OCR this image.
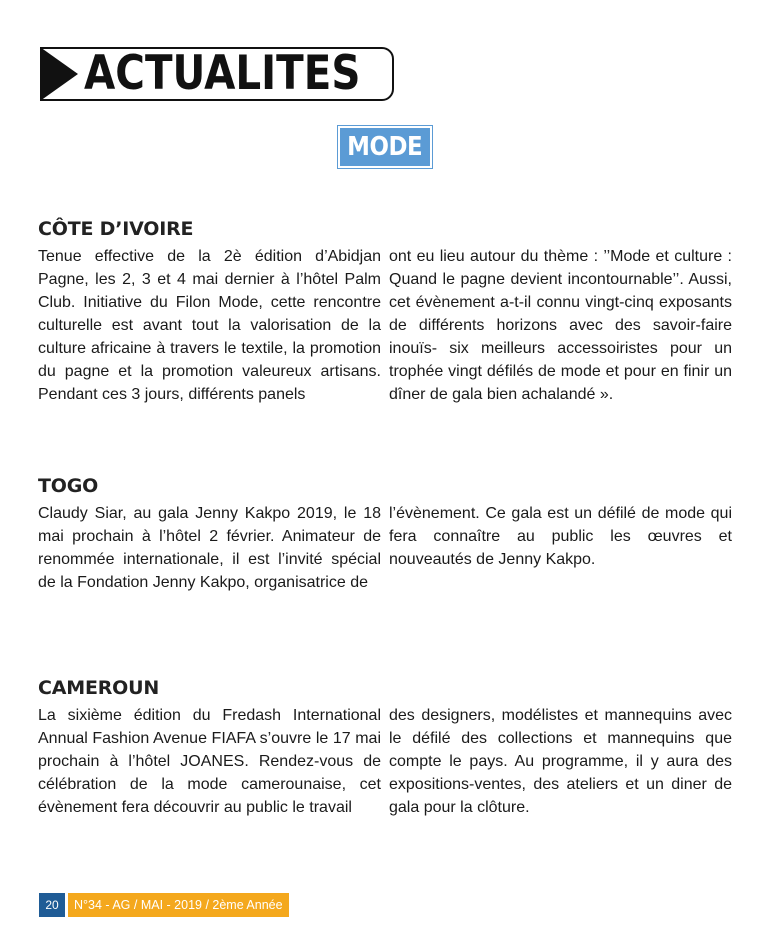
ACTUALITES
MODE
CÔTE D’IVOIRE

Tenue effective de la 2è édition d’Abidjan Pagne, les 2, 3 et 4 mai dernier à l’hôtel Palm Club. Initiative du Filon Mode, cette rencontre culturelle est avant tout la valorisation de la culture africaine à travers le textile, la promotion du pagne et la promotion valeureux artisans. Pendant ces 3 jours, différents panels

ont eu lieu autour du thème : ’’Mode et culture : Quand le pagne devient incontournable’’. Aussi, cet évènement a-t-il connu vingt-cinq exposants de différents horizons avec des savoir-faire inouïs- six meilleurs accessoiristes pour un trophée vingt défilés de mode et pour en finir un dîner de gala bien achalandé ».

TOGO

Claudy Siar, au gala Jenny Kakpo 2019, le 18 mai prochain à l’hôtel 2 février. Animateur de renommée internationale, il est l’invité spécial de la Fondation Jenny Kakpo, organisatrice de

l’évènement. Ce gala est un défilé de mode qui fera connaître au public les œuvres et nouveautés de Jenny Kakpo.

CAMEROUN

La sixième édition du Fredash International Annual Fashion Avenue FIAFA s’ouvre le 17 mai prochain à l’hôtel JOANES. Rendez-vous de célébration de la mode camerounaise, cet évènement fera découvrir au public le travail

des designers, modélistes et mannequins avec le défilé des collections et mannequins que compte le pays. Au programme, il y aura des expositions-ventes, des ateliers et un diner de gala pour la clôture.

20	N°34 - AG / MAI - 2019 / 2ème Année
